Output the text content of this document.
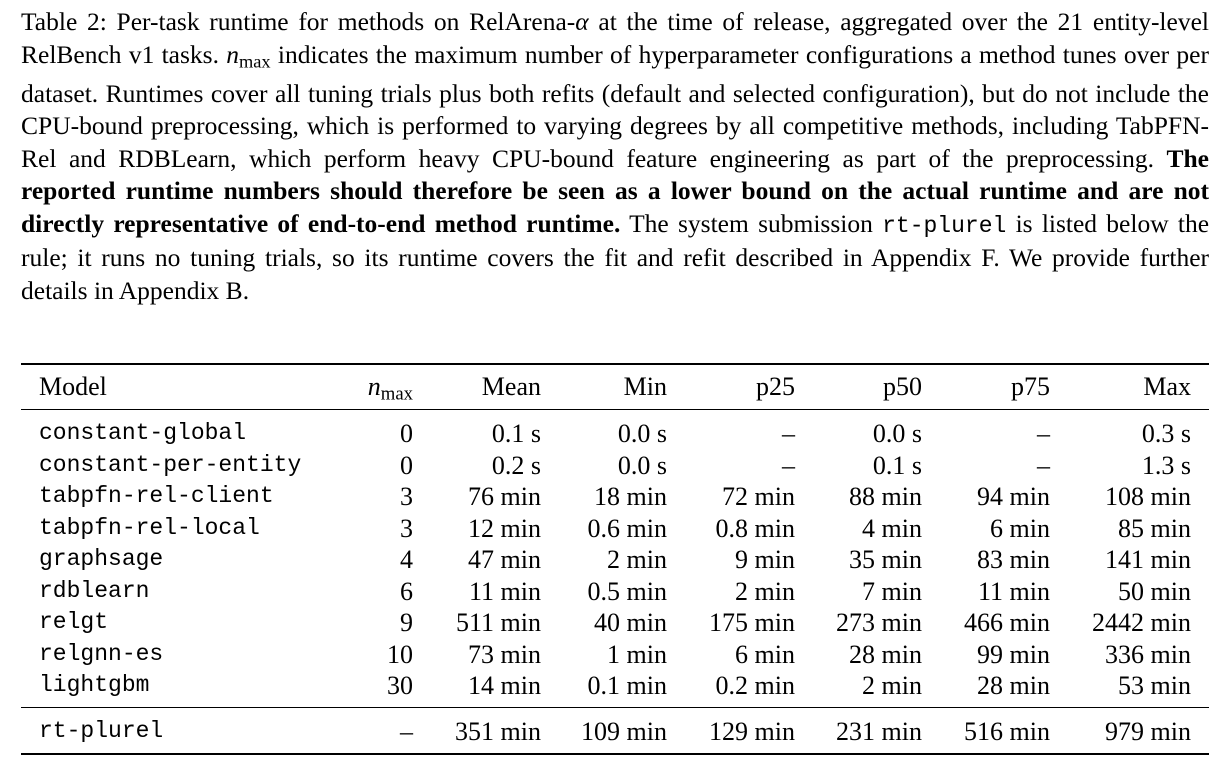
Table 2: Per-task runtime for methods on RelArena-α at the time of release, aggregated over the 21 entity-level RelBench v1 tasks. nmax indicates the maximum number of hyperparameter configurations a method tunes over per dataset. Runtimes cover all tuning trials plus both refits (default and selected configuration), but do not include the CPU-bound preprocessing, which is performed to varying degrees by all competitive methods, including TabPFN-Rel and RDBLearn, which perform heavy CPU-bound feature engineering as part of the preprocessing. The reported runtime numbers should therefore be seen as a lower bound on the actual runtime and are not directly representative of end-to-end method runtime. The system submission rt-plurel is listed below the rule; it runs no tuning trials, so its runtime covers the fit and refit described in Appendix F. We provide further details in Appendix B.

Model	nmax	Mean	Min	p25	p50	p75	Max
constant-global	0	0.1 s	0.0 s	–	0.0 s	–	0.3 s
constant-per-entity	0	0.2 s	0.0 s	–	0.1 s	–	1.3 s
tabpfn-rel-client	3 76 min 18 min 72 min 88 min 94 min 108 min
tabpfn-rel-local	3 12 min 0.6 min 0.8 min	4 min	6 min	85 min
graphsage	4 47 min	2 min	9 min 35 min 83 min 141 min
rdblearn	6 11 min 0.5 min	2 min	7 min 11 min	50 min
relgt	9 511 min 40 min 175 min 273 min 466 min 2442 min
relgnn-es	10 73 min	1 min	6 min 28 min 99 min 336 min
lightgbm	30 14 min 0.1 min 0.2 min	2 min 28 min	53 min
rt-plurel	– 351 min 109 min 129 min 231 min 516 min 979 min
